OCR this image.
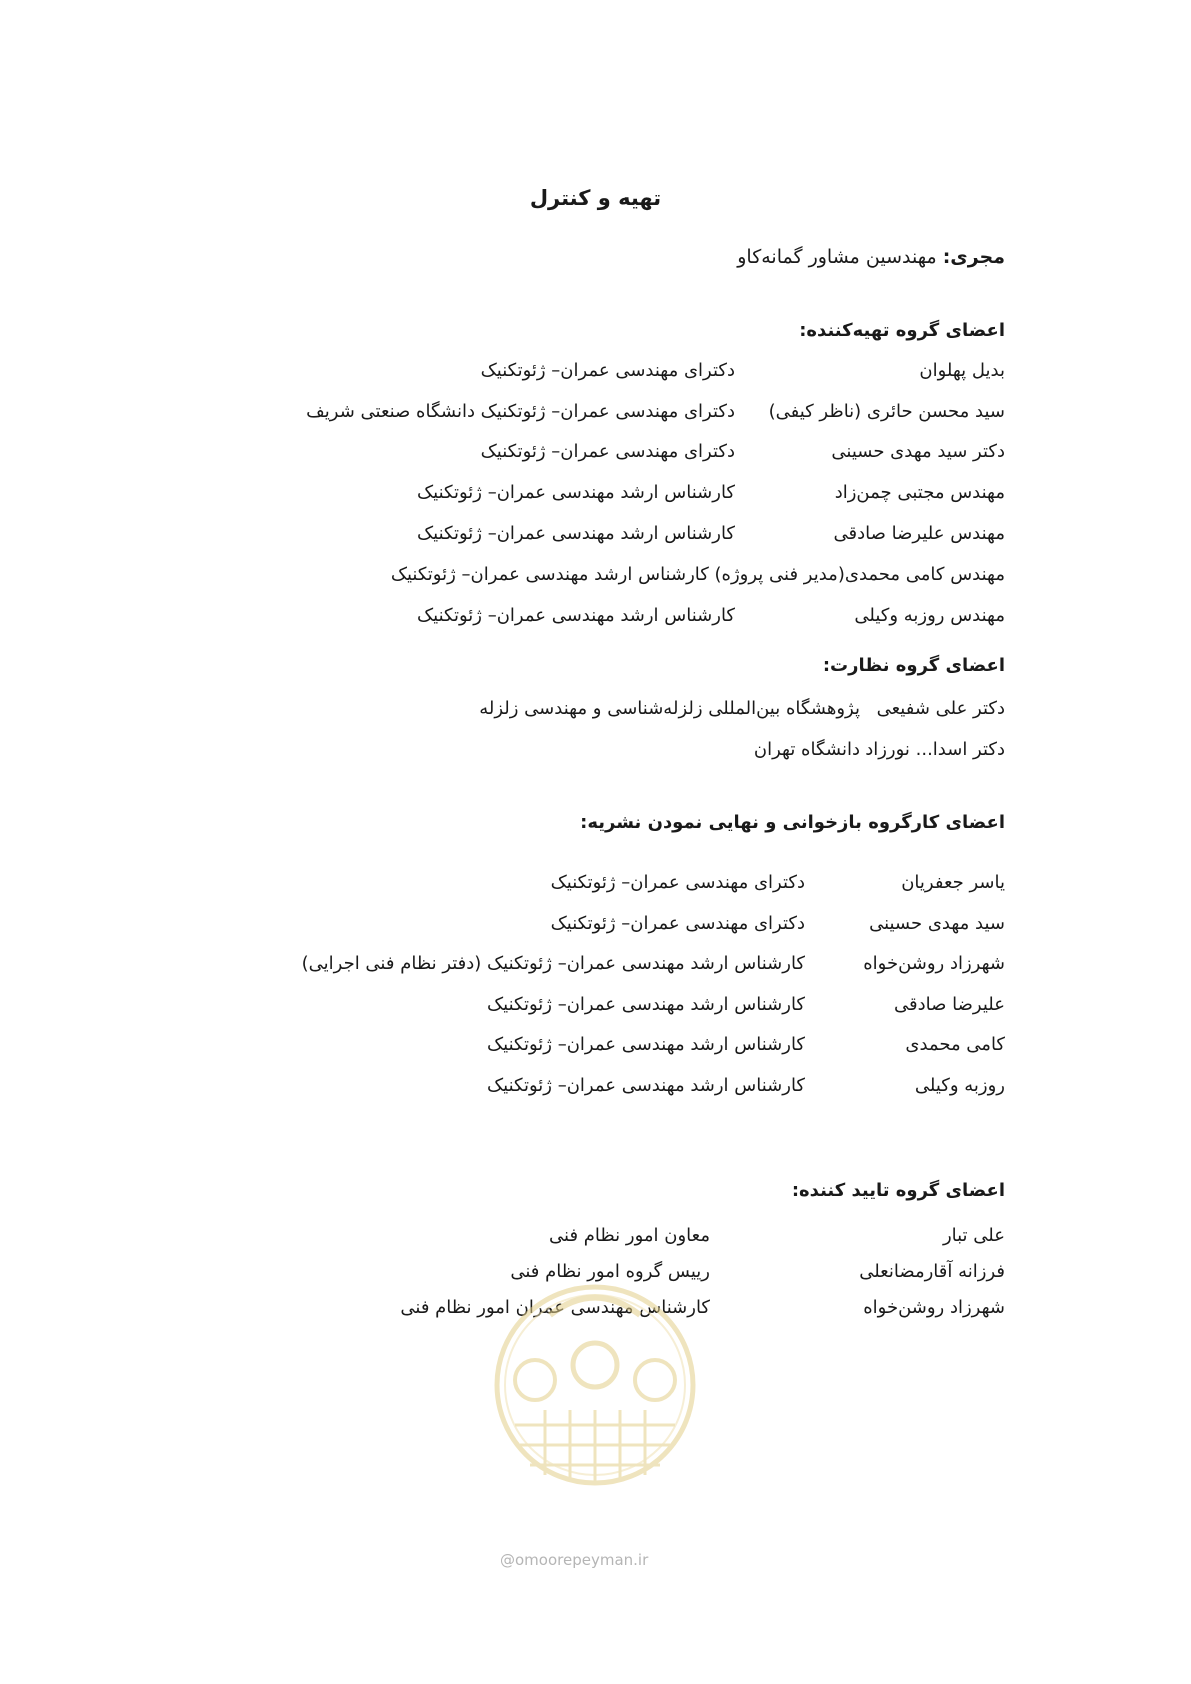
تهیه و کنترل
مجری: مهندسین مشاور گمانه‌کاو
اعضای گروه تهیه‌کننده:
بدیل پهلوان
دکترای مهندسی عمران– ژئوتکنیک
سید محسن حائری (ناظر کیفی)
دکترای مهندسی عمران– ژئوتکنیک
دانشگاه صنعتی شریف
دکتر سید مهدی حسینی
دکترای مهندسی عمران– ژئوتکنیک
مهندس مجتبی چمن‌زاد
کارشناس ارشد مهندسی عمران– ژئوتکنیک
مهندس علیرضا صادقی
کارشناس ارشد مهندسی عمران– ژئوتکنیک
مهندس کامی محمدی(مدیر فنی پروژه) کارشناس ارشد مهندسی عمران– ژئوتکنیک
مهندس روزبه وکیلی
کارشناس ارشد مهندسی عمران– ژئوتکنیک
اعضای گروه نظارت:
دکتر علی شفیعی
پژوهشگاه بین‌المللی زلزله‌شناسی و مهندسی زلزله
دکتر اسدا... نورزاد
دانشگاه تهران
اعضای کارگروه بازخوانی و نهایی نمودن نشریه:
یاسر جعفریان
دکترای مهندسی عمران– ژئوتکنیک
سید مهدی حسینی
دکترای مهندسی عمران– ژئوتکنیک
شهرزاد روشن‌خواه
کارشناس ارشد مهندسی عمران– ژئوتکنیک (دفتر نظام فنی اجرایی)
علیرضا صادقی
کارشناس ارشد مهندسی عمران– ژئوتکنیک
کامی محمدی
کارشناس ارشد مهندسی عمران– ژئوتکنیک
روزبه وکیلی
کارشناس ارشد مهندسی عمران– ژئوتکنیک
اعضای گروه تایید کننده:
علی تبار
معاون امور نظام فنی
فرزانه آقارمضانعلی
رییس گروه امور نظام فنی
شهرزاد روشن‌خواه
کارشناس مهندسی عمران امور نظام فنی
@omoorepeyman.ir
